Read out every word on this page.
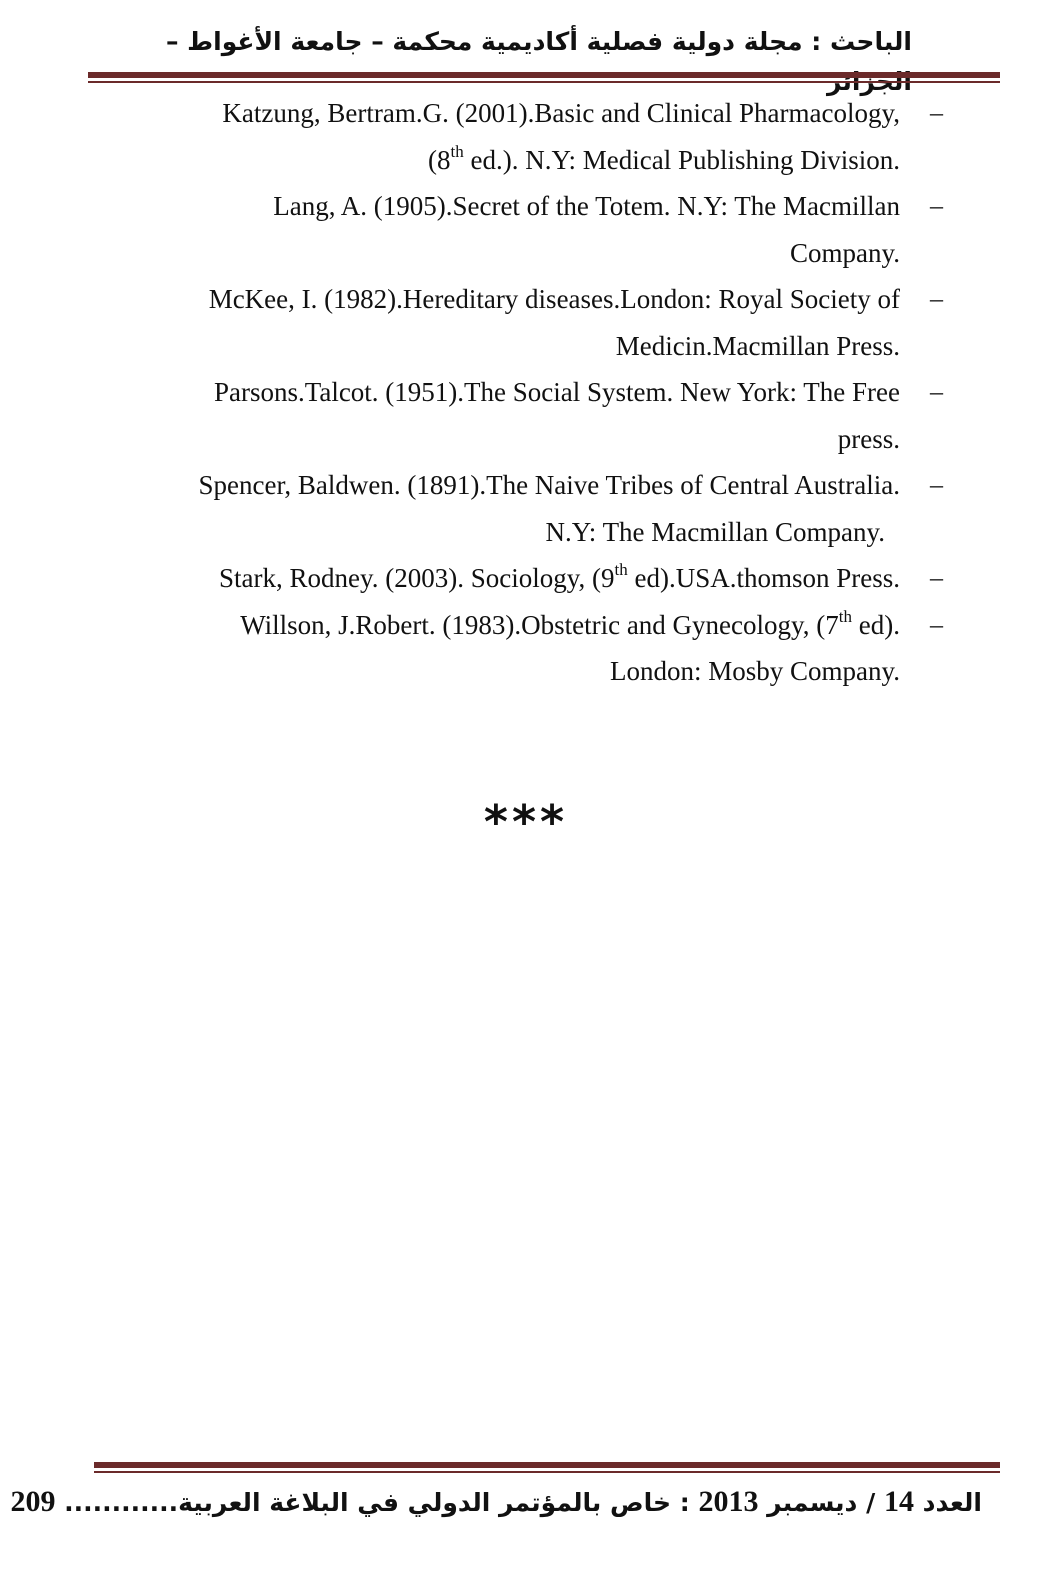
الباحث : مجلة دولية فصلية أكاديمية محكمة – جامعة الأغواط –
–
Katzung, Bertram.G. (2001).Basic and Clinical Pharmacology,
(8th ed.). N.Y: Medical Publishing Division.
–
Lang, A. (1905).Secret of the Totem. N.Y: The Macmillan
Company.
–
McKee, I. (1982).Hereditary diseases.London: Royal Society of
Medicin.Macmillan Press.
–
Parsons.Talcot. (1951).The Social System. New York: The Free
press.
–
Spencer, Baldwen. (1891).The Naive Tribes of Central Australia.
N.Y: The Macmillan Company.
–
Stark, Rodney. (2003). Sociology, (9th ed).USA.thomson Press.
–
Willson, J.Robert. (1983).Obstetric and Gynecology, (7th ed).
London: Mosby Company.
***
العدد 14 / ديسمبر 2013 : خاص بالمؤتمر الدولي في البلاغة العربية............ 209
